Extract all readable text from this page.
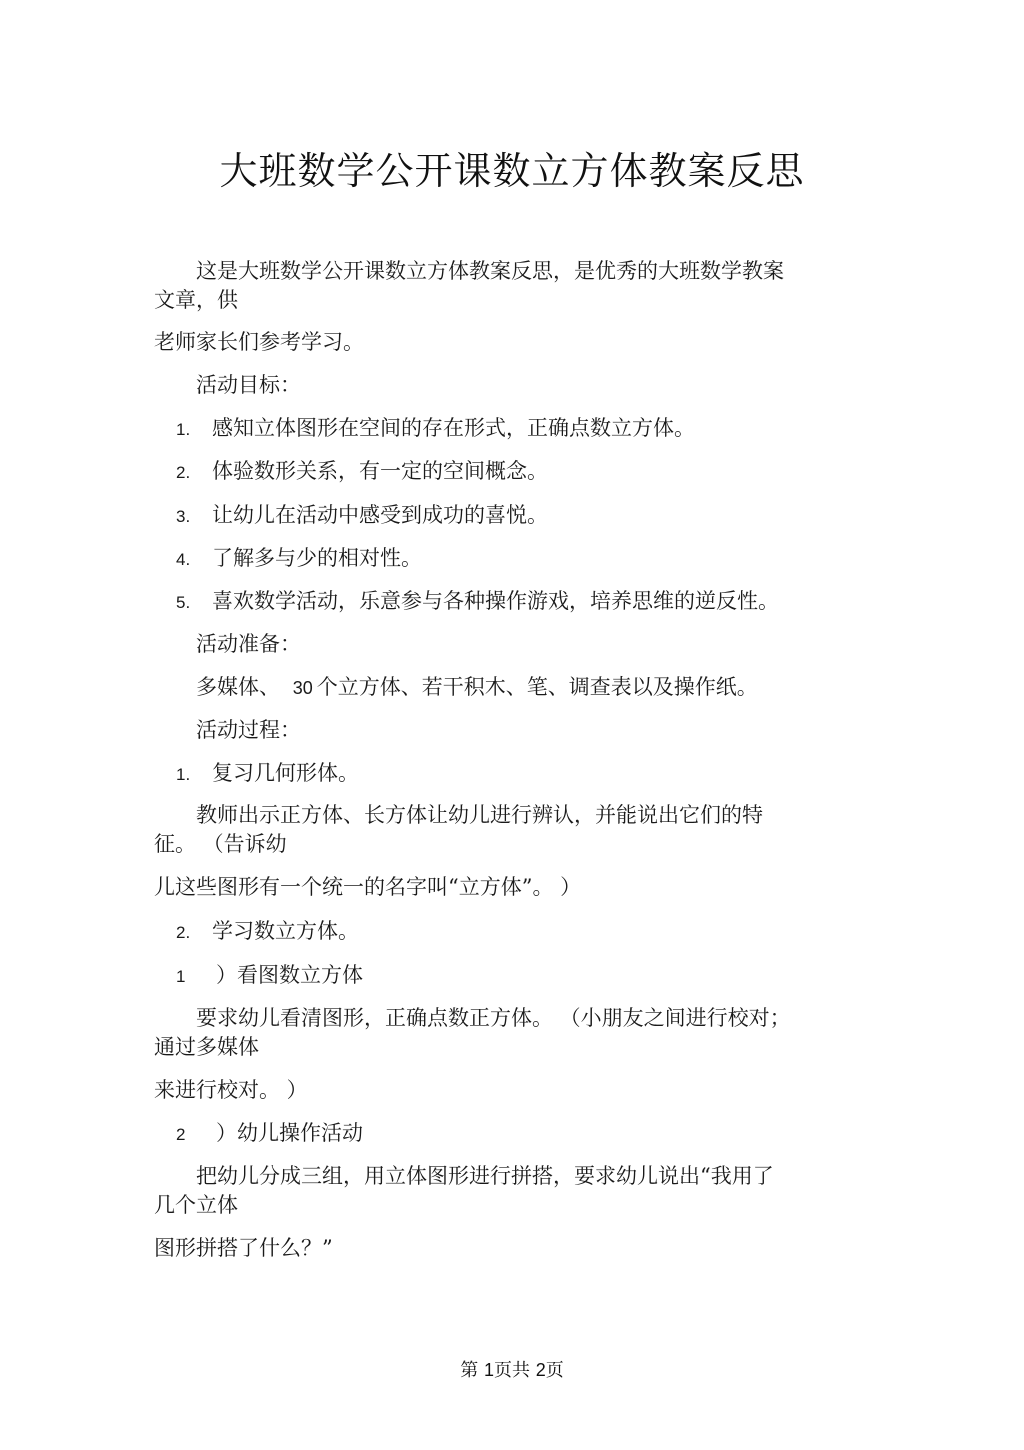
大班数学公开课数立方体教案反思
这是大班数学公开课数立方体教案反思，是优秀的大班数学教案
文章，供
老师家长们参考学习。
活动目标：
1. 感知立体图形在空间的存在形式，正确点数立方体。
2. 体验数形关系，有一定的空间概念。
3. 让幼儿在活动中感受到成功的喜悦。
4. 了解多与少的相对性。
5. 喜欢数学活动，乐意参与各种操作游戏，培养思维的逆反性。
活动准备：
多媒体、 30 个立方体、若干积木、笔、调查表以及操作纸。
活动过程：
1. 复习几何形体。
教师出示正方体、长方体让幼儿进行辨认，并能说出它们的特
征。 （告诉幼
儿这些图形有一个统一的名字叫“立方体”。 ）
2. 学习数立方体。
1 ）看图数立方体
要求幼儿看清图形，正确点数正方体。 （小朋友之间进行校对；
通过多媒体
来进行校对。 ）
2 ）幼儿操作活动
把幼儿分成三组，用立体图形进行拼搭，要求幼儿说出“我用了
几个立体
图形拼搭了什么？”
第 1页共 2页
